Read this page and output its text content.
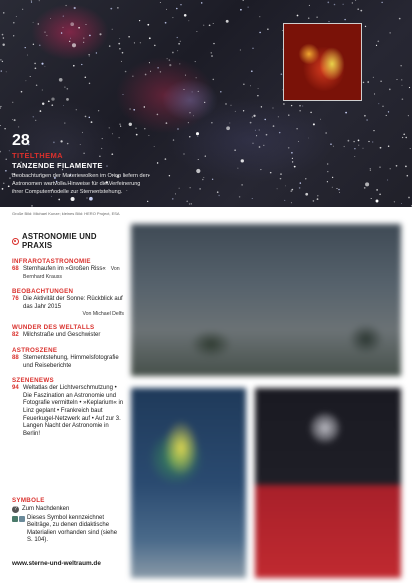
28
TITELTHEMA
TANZENDE FILAMENTE
Beobachtungen der Materiewolken im Orion liefern den Astronomen wertvolle Hinweise für die Verfeinerung ihrer Computermodelle zur Sternentstehung.
Große Bild: Michael Kunze; kleines Bild: HERO Project, ESA
ASTRONOMIE UND PRAXIS
INFRAROTASTRONOMIE
68 Sternhaufen im »Großen Riss« Von Bernhard Krauss
BEOBACHTUNGEN
76 Die Aktivität der Sonne: Rückblick auf das Jahr 2015
Von Michael Delfs
WUNDER DES WELTALLS
82 Milchstraße und Geschwister
ASTROSZENE
88 Sternentstehung, Himmelsfotografie und Reiseberichte
SZENENEWS
94 Weltatlas der Lichtverschmutzung • Die Faszination an Astronomie und Fotografie vermitteln • »Keplarium« in Linz geplant • Frankreich baut Feuerkugel-Netzwerk auf • Auf zur 3. Langen Nacht der Astronomie in Berlin!
SYMBOLE
? Zum Nachdenken
Dieses Symbol kennzeichnet Beiträge, zu denen didaktische Materialien vorhanden sind (siehe S. 104).
www.sterne-und-weltraum.de
